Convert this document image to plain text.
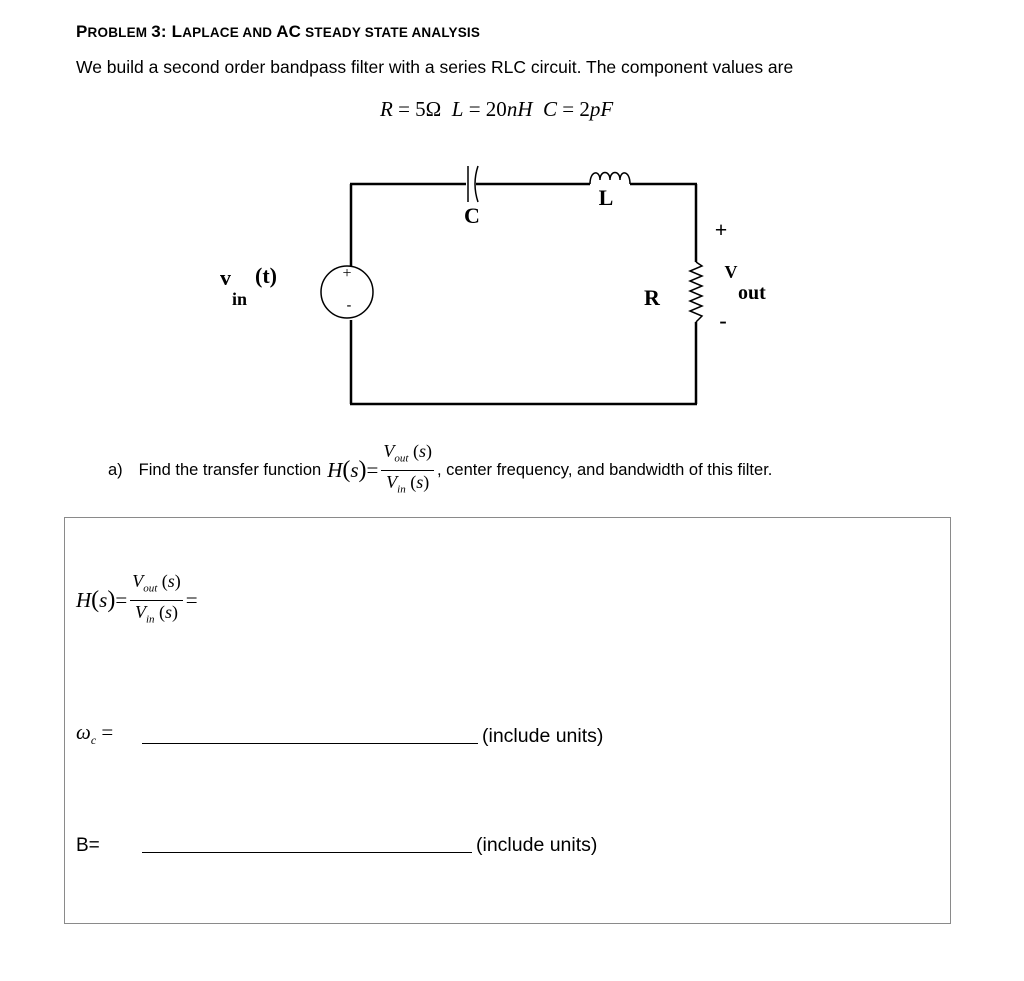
PROBLEM 3: LAPLACE AND AC STEADY STATE ANALYSIS
We build a second order bandpass filter with a series RLC circuit. The component values are
R = 5Ω  L = 20nH C = 2pF
+
-
C
L
R
v
in
(t)
+
V
out
-
a) Find the transfer function $H(s)= \frac{V_{out} (s)}{V_{in} (s)}$ , center frequency, and bandwidth of this filter.
$H(s)= \frac{V_{out} (s)}{V_{in} (s)}$ =
$\omega_c$ =	(include units)
B=	(include units)
